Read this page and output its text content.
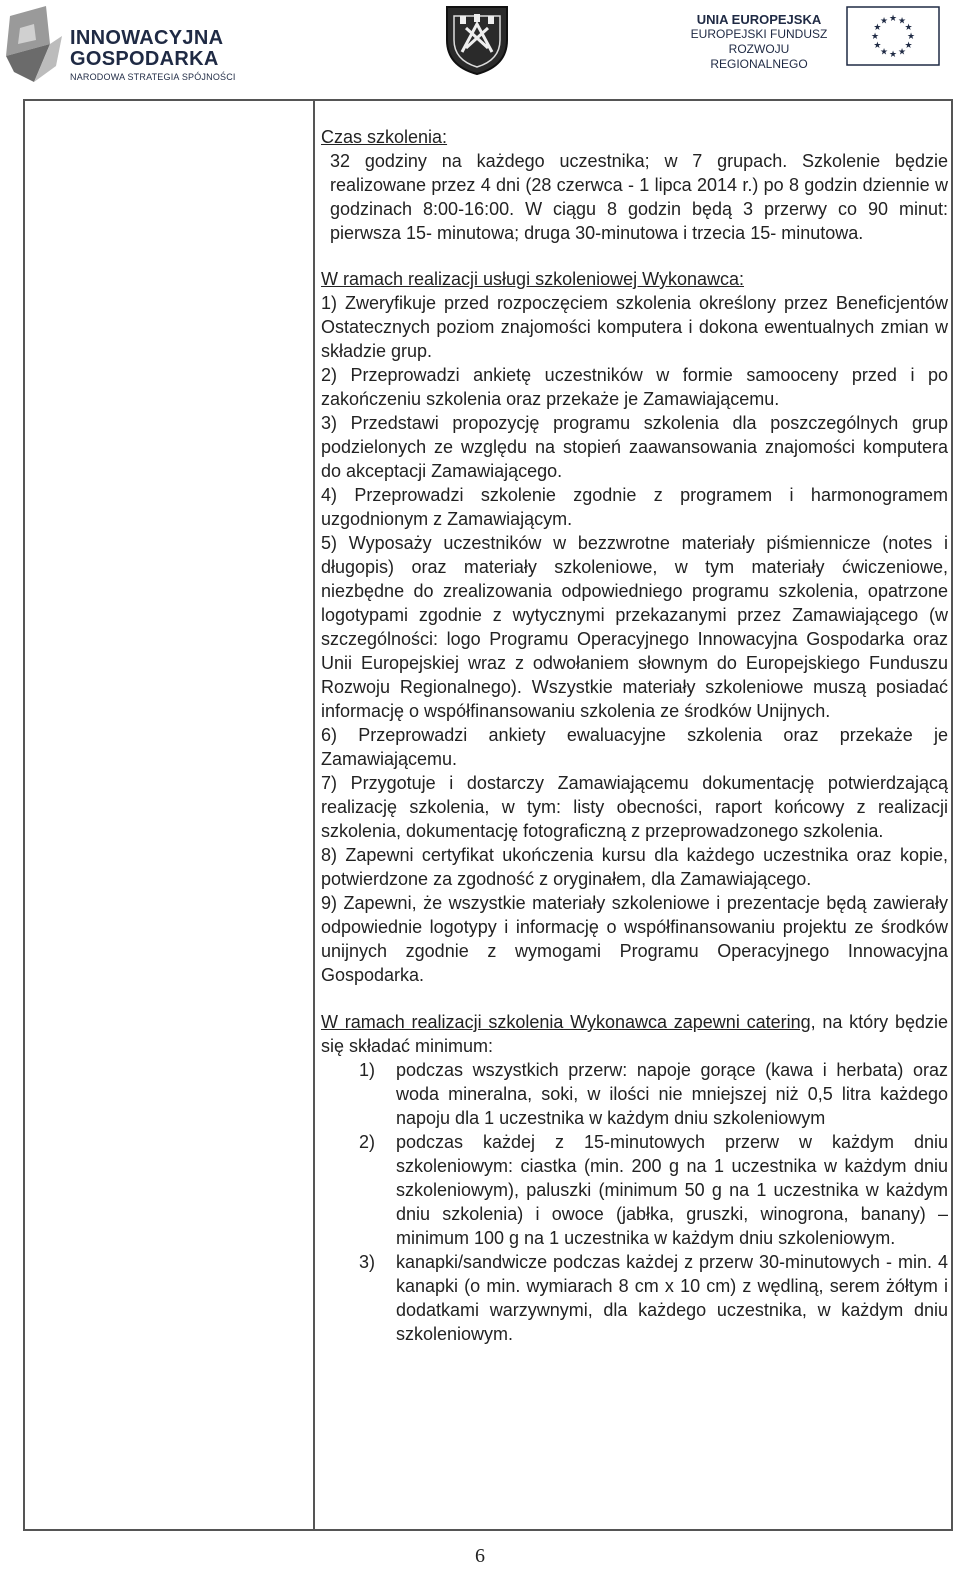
INNOWACYJNA
GOSPODARKA
NARODOWA STRATEGIA SPÓJNOŚCI
UNIA EUROPEJSKA
EUROPEJSKI FUNDUSZ
ROZWOJU REGIONALNEGO
★ ★
★
★
★
★
★
★
★
★
★
★

Czas szkolenia:

32 godziny na każdego uczestnika; w 7 grupach. Szkolenie będzie realizowane przez 4 dni (28 czerwca - 1 lipca 2014 r.) po 8 godzin dziennie w godzinach 8:00-16:00. W ciągu 8 godzin będą 3 przerwy co 90 minut: pierwsza 15- minutowa; druga 30-minutowa i trzecia 15- minutowa.

W ramach realizacji usługi szkoleniowej Wykonawca:

1) Zweryfikuje przed rozpoczęciem szkolenia określony przez Beneficjentów Ostatecznych poziom znajomości komputera i dokona ewentualnych zmian w składzie grup.

2) Przeprowadzi ankietę uczestników w formie samooceny przed i po zakończeniu szkolenia oraz przekaże je Zamawiającemu.

3) Przedstawi propozycję programu szkolenia dla poszczególnych grup podzielonych ze względu na stopień zaawansowania znajomości komputera do akceptacji Zamawiającego.

4) Przeprowadzi szkolenie zgodnie z programem i harmonogramem uzgodnionym z Zamawiającym.

5) Wyposaży uczestników w bezzwrotne materiały piśmiennicze (notes i długopis) oraz materiały szkoleniowe, w tym materiały ćwiczeniowe, niezbędne do zrealizowania odpowiedniego programu szkolenia, opatrzone logotypami zgodnie z wytycznymi przekazanymi przez Zamawiającego (w szczególności: logo Programu Operacyjnego Innowacyjna Gospodarka oraz Unii Europejskiej wraz z odwołaniem słownym do Europejskiego Funduszu Rozwoju Regionalnego). Wszystkie materiały szkoleniowe muszą posiadać informację o współfinansowaniu szkolenia ze środków Unijnych.

6) Przeprowadzi ankiety ewaluacyjne szkolenia oraz przekaże je Zamawiającemu.

7) Przygotuje i dostarczy Zamawiającemu dokumentację potwierdzającą realizację szkolenia, w tym: listy obecności, raport końcowy z realizacji szkolenia, dokumentację fotograficzną z przeprowadzonego szkolenia.

8) Zapewni certyfikat ukończenia kursu dla każdego uczestnika oraz kopie, potwierdzone za zgodność z oryginałem, dla Zamawiającego.

9) Zapewni, że wszystkie materiały szkoleniowe i prezentacje będą zawierały odpowiednie logotypy i informację o współfinansowaniu projektu ze środków unijnych zgodnie z wymogami Programu Operacyjnego Innowacyjna Gospodarka.

W ramach realizacji szkolenia Wykonawca zapewni catering, na który będzie się składać minimum:

1)	podczas wszystkich przerw: napoje gorące (kawa i herbata) oraz woda mineralna, soki, w ilości nie mniejszej niż 0,5 litra każdego napoju dla 1 uczestnika w każdym dniu szkoleniowym
2)	podczas każdej z 15-minutowych przerw w każdym dniu szkoleniowym: ciastka (min. 200 g na 1 uczestnika w każdym dniu szkoleniowym), paluszki (minimum 50 g na 1 uczestnika w każdym dniu szkolenia) i owoce (jabłka, gruszki, winogrona, banany) – minimum 100 g na 1 uczestnika w każdym dniu szkoleniowym.
3)	kanapki/sandwicze podczas każdej z przerw 30-minutowych - min. 4 kanapki (o min. wymiarach 8 cm x 10 cm) z wędliną, serem żółtym i dodatkami warzywnymi, dla każdego uczestnika, w każdym dniu szkoleniowym.
6
